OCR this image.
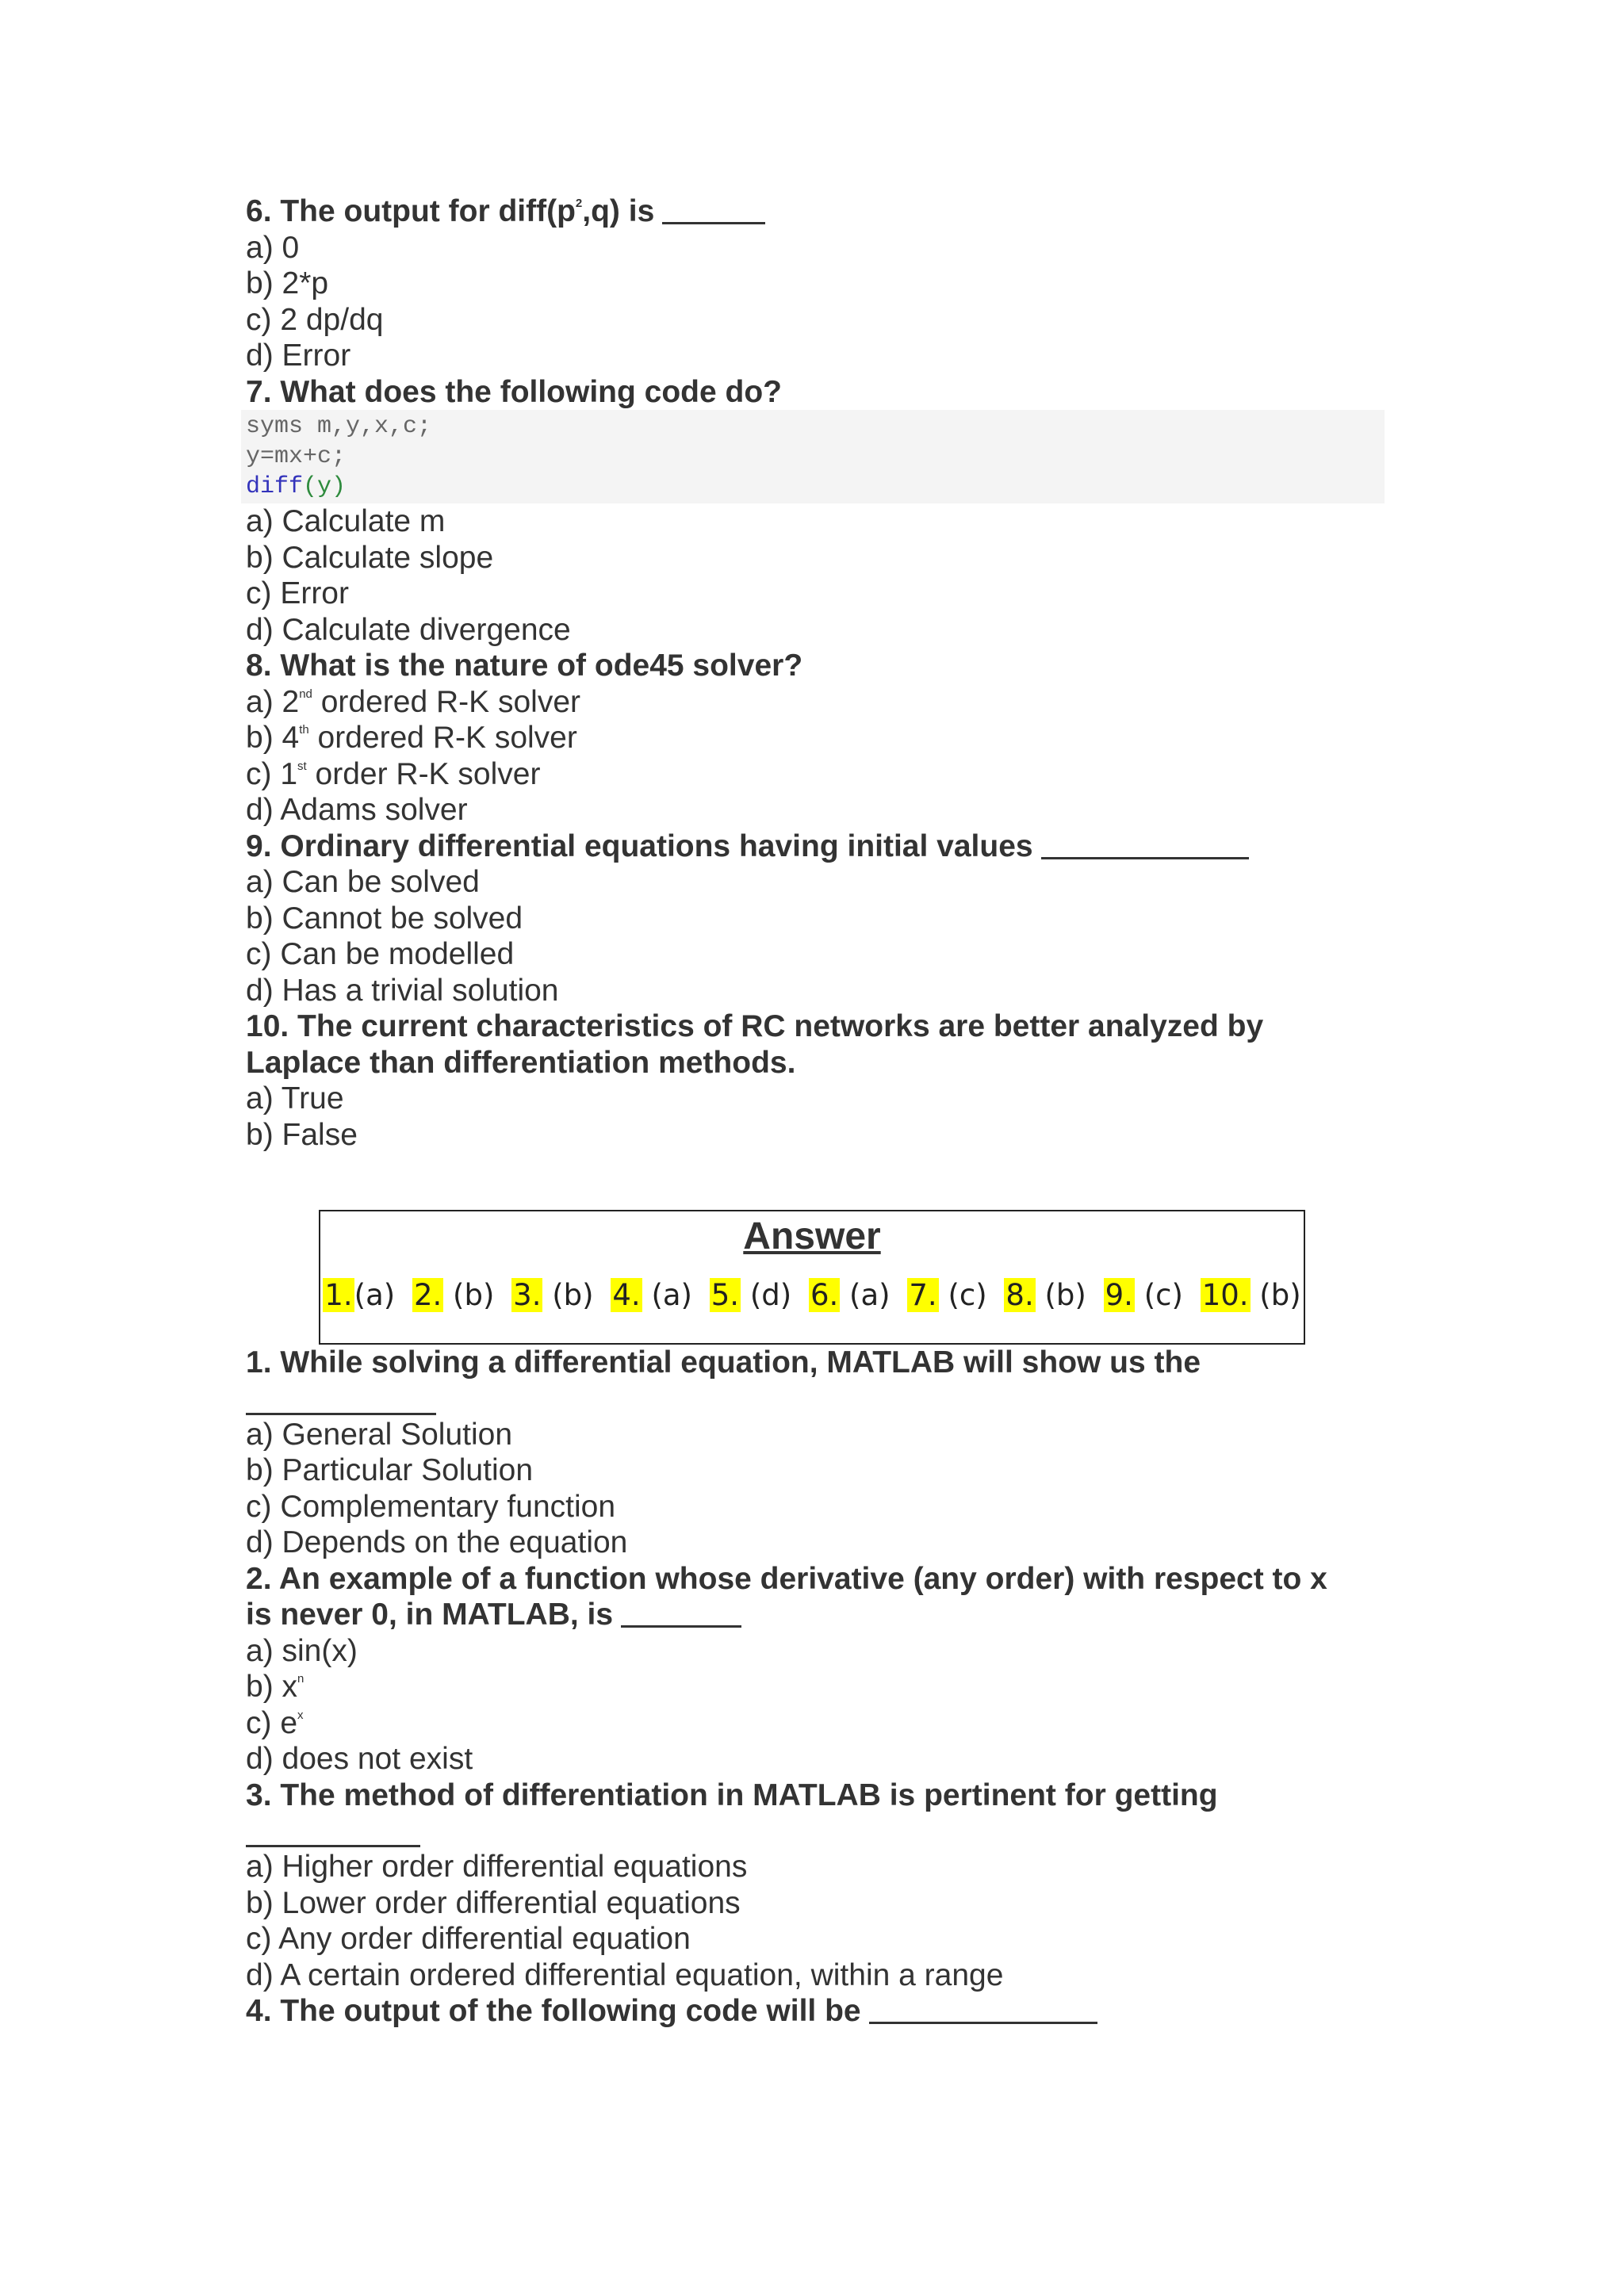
6. The output for $diff(p^2,q)$ is
a) 0
b) 2*p
c) 2 dp/dq
d) Error
7. What does the following code do?
syms m,y,x,c;
y=mx+c;
diff(y)
a) Calculate m
b) Calculate slope
c) Error
d) Calculate divergence
8. What is the nature of ode45 solver?
a) 2nd ordered R-K solver
b) 4th ordered R-K solver
c) 1st order R-K solver
d) Adams solver
9. Ordinary differential equations having initial values
a) Can be solved
b) Cannot be solved
c) Can be modelled
d) Has a trivial solution
10. The current characteristics of RC networks are better analyzed by
Laplace than differentiation methods.
a) True
b) False
Answer
1.(a) 2. (b) 3. (b) 4. (a) 5. (d) 6. (a) 7. (c) 8. (b) 9. (c) 10. (b)
1. While solving a differential equation, MATLAB will show us the
a) General Solution
b) Particular Solution
c) Complementary function
d) Depends on the equation
2. An example of a function whose derivative (any order) with respect to x
is never 0, in MATLAB, is
a) sin(x)
b) $x^n$
c) $e^x$
d) does not exist
3. The method of differentiation in MATLAB is pertinent for getting
a) Higher order differential equations
b) Lower order differential equations
c) Any order differential equation
d) A certain ordered differential equation, within a range
4. The output of the following code will be
